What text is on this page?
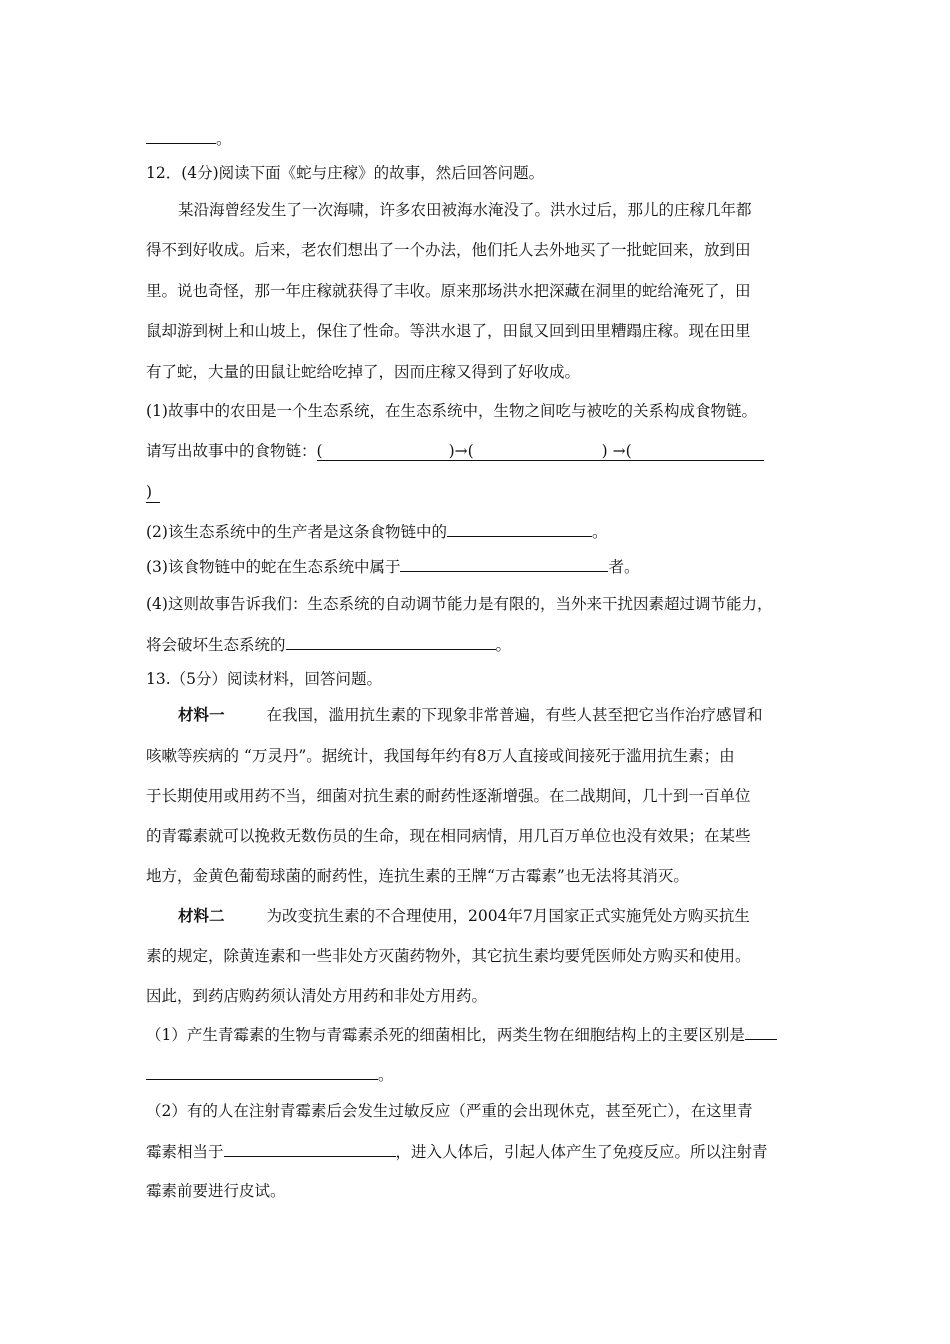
。
12．(4分)阅读下面《蛇与庄稼》的故事，然后回答问题。
某沿海曾经发生了一次海啸，许多农田被海水淹没了。洪水过后，那儿的庄稼几年都
得不到好收成。后来，老农们想出了一个办法，他们托人去外地买了一批蛇回来，放到田
里。说也奇怪，那一年庄稼就获得了丰收。原来那场洪水把深藏在洞里的蛇给淹死了，田
鼠却游到树上和山坡上，保住了性命。等洪水退了，田鼠又回到田里糟蹋庄稼。现在田里
有了蛇，大量的田鼠让蛇给吃掉了，因而庄稼又得到了好收成。
(1)故事中的农田是一个生态系统，在生态系统中，生物之间吃与被吃的关系构成食物链。
请写出故事中的食物链：(	)→(	) →(
)
(2)该生态系统中的生产者是这条食物链中的	。
(3)该食物链中的蛇在生态系统中属于	者。
(4)这则故事告诉我们：生态系统的自动调节能力是有限的，当外来干扰因素超过调节能力，
将会破坏生态系统的	。
13.（5分）阅读材料，回答问题。
材料一	在我国，滥用抗生素的下现象非常普遍，有些人甚至把它当作治疗感冒和
咳嗽等疾病的 “万灵丹”。据统计，我国每年约有8万人直接或间接死于滥用抗生素；由
于长期使用或用药不当，细菌对抗生素的耐药性逐渐增强。在二战期间，几十到一百单位
的青霉素就可以挽救无数伤员的生命，现在相同病情，用几百万单位也没有效果；在某些
地方，金黄色葡萄球菌的耐药性，连抗生素的王牌“万古霉素”也无法将其消灭。
材料二	为改变抗生素的不合理使用，2004年7月国家正式实施凭处方购买抗生
素的规定，除黄连素和一些非处方灭菌药物外，其它抗生素均要凭医师处方购买和使用。
因此，到药店购药须认清处方用药和非处方用药。
（1）产生青霉素的生物与青霉素杀死的细菌相比，两类生物在细胞结构上的主要区别是
。
（2）有的人在注射青霉素后会发生过敏反应（严重的会出现休克，甚至死亡），在这里青
霉素相当于	，进入人体后，引起人体产生了免疫反应。所以注射青
霉素前要进行皮试。
